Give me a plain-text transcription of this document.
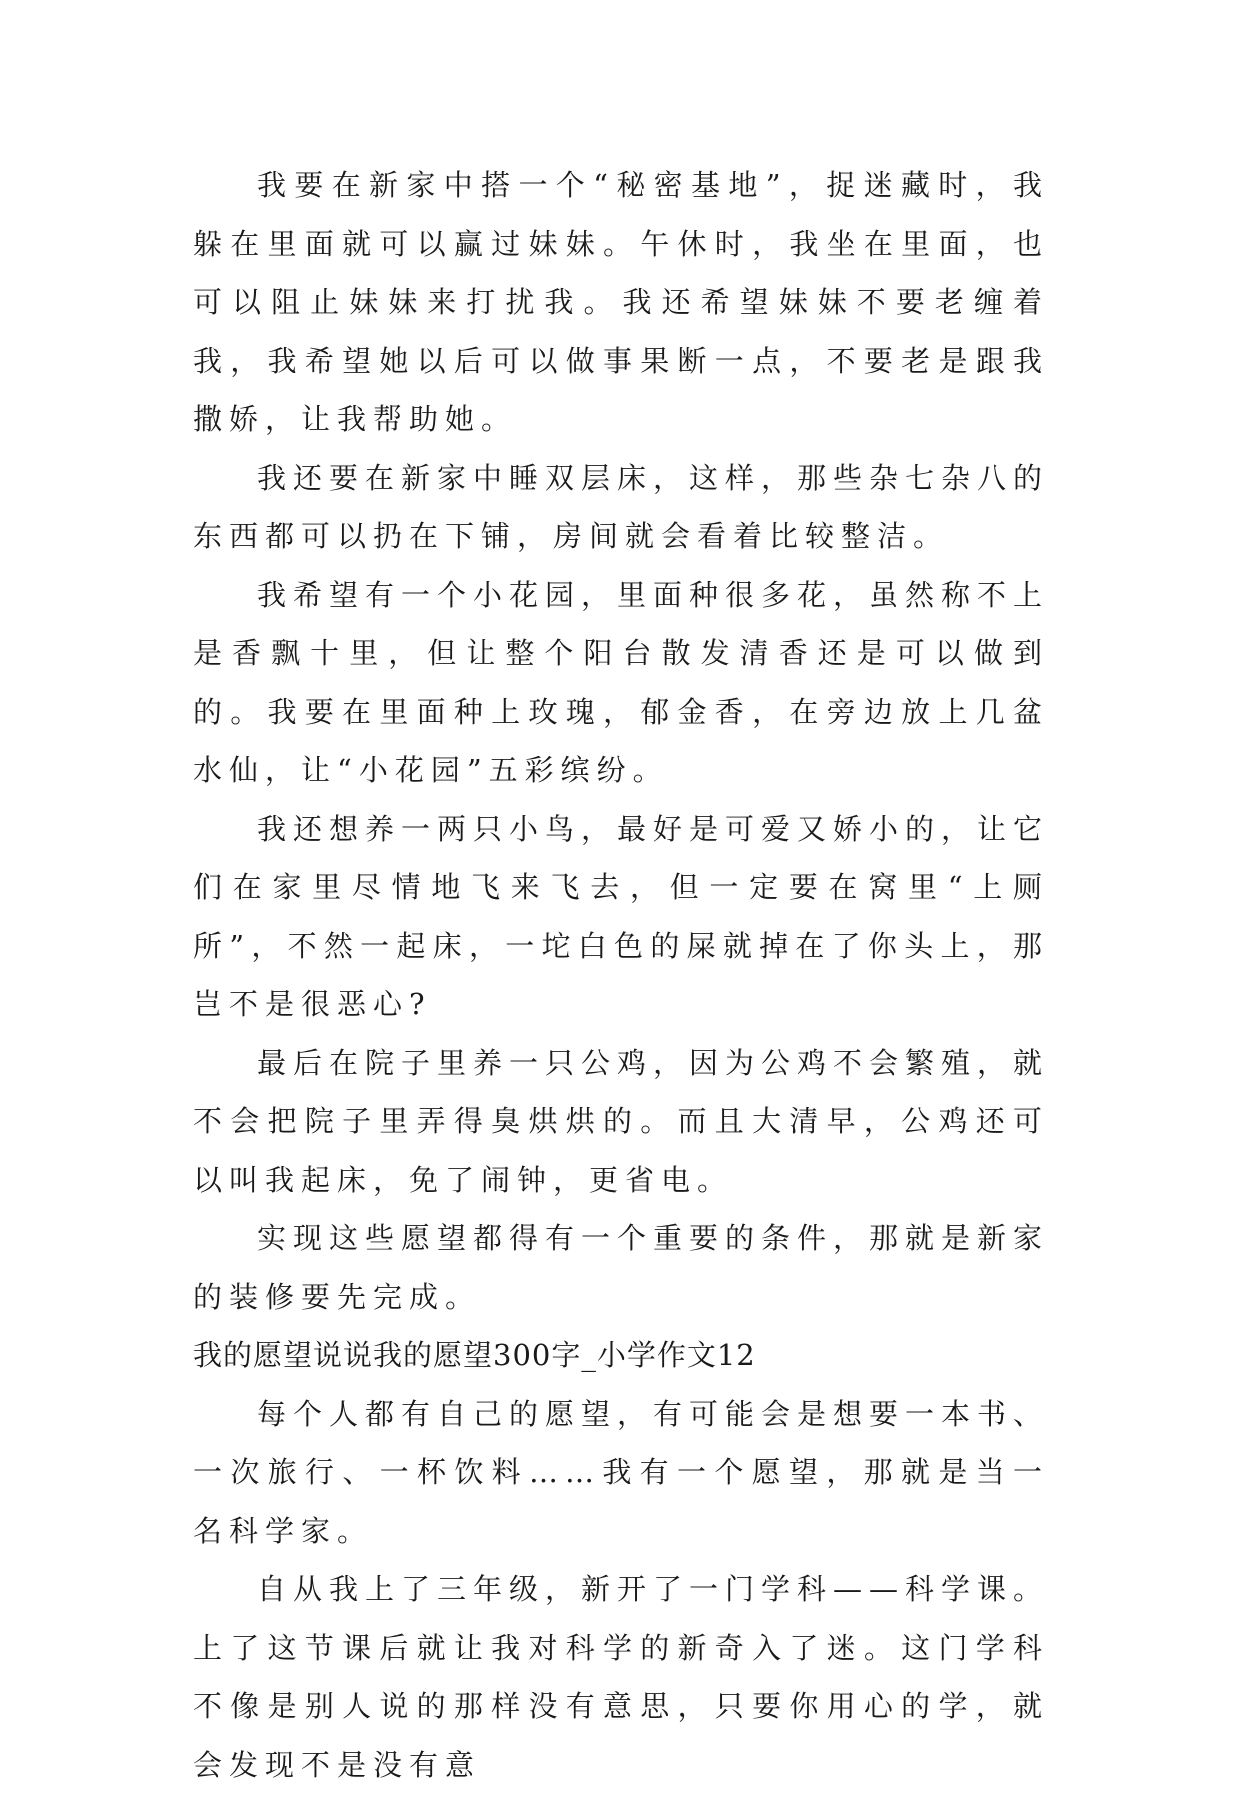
我要在新家中搭一个“秘密基地”，捉迷藏时，我躲在里面就可以赢过妹妹。午休时，我坐在里面，也可以阻止妹妹来打扰我。我还希望妹妹不要老缠着我，我希望她以后可以做事果断一点，不要老是跟我撒娇，让我帮助她。

我还要在新家中睡双层床，这样，那些杂七杂八的东西都可以扔在下铺，房间就会看着比较整洁。

我希望有一个小花园，里面种很多花，虽然称不上是香飘十里，但让整个阳台散发清香还是可以做到的。我要在里面种上玫瑰，郁金香，在旁边放上几盆水仙，让“小花园”五彩缤纷。

我还想养一两只小鸟，最好是可爱又娇小的，让它们在家里尽情地飞来飞去，但一定要在窝里“上厕所”，不然一起床，一坨白色的屎就掉在了你头上，那岂不是很恶心?

最后在院子里养一只公鸡，因为公鸡不会繁殖，就不会把院子里弄得臭烘烘的。而且大清早，公鸡还可以叫我起床，免了闹钟，更省电。

实现这些愿望都得有一个重要的条件，那就是新家的装修要先完成。

我的愿望说说我的愿望300字_小学作文12

每个人都有自己的愿望，有可能会是想要一本书、一次旅行、一杯饮料……我有一个愿望，那就是当一名科学家。

自从我上了三年级，新开了一门学科——科学课。上了这节课后就让我对科学的新奇入了迷。这门学科不像是别人说的那样没有意思，只要你用心的学，就会发现不是没有意
